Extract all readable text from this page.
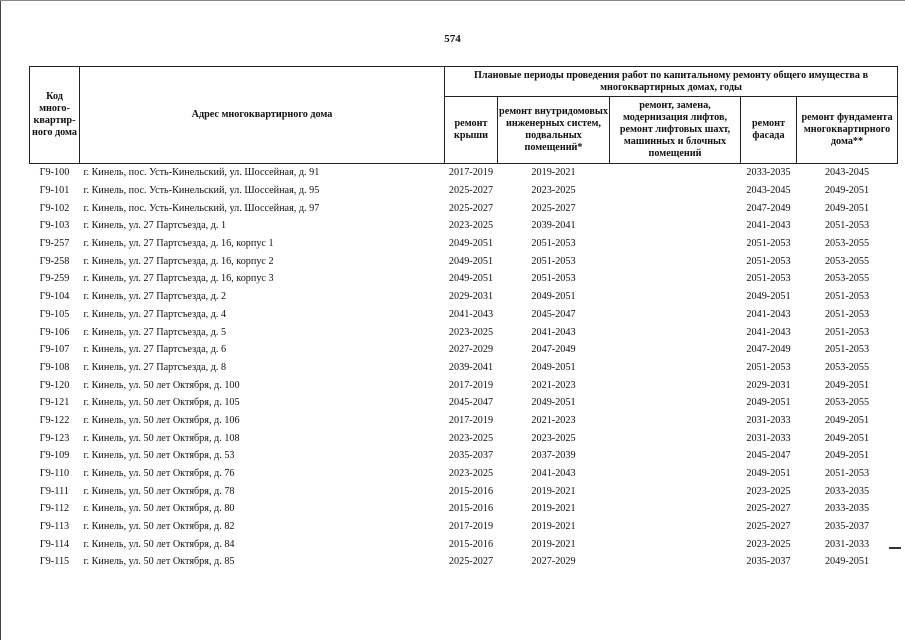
574
Код много-квартир-ного дома	Адрес многоквартирного дома	Плановые периоды проведения работ по капитальному ремонту общего имущества в многоквартирных домах, годы				
		ремонт крыши	ремонт внутридомовых инженерных систем, подвальных помещений*	ремонт, замена, модернизация лифтов, ремонт лифтовых шахт, машинных и блочных помещений	ремонт фасада	ремонт фундамента многоквартирного дома**
Г9-100	г. Кинель, пос. Усть-Кинельский, ул. Шоссейная, д. 91	2017-2019	2019-2021		2033-2035	2043-2045
Г9-101	г. Кинель, пос. Усть-Кинельский, ул. Шоссейная, д. 95	2025-2027	2023-2025		2043-2045	2049-2051
Г9-102	г. Кинель, пос. Усть-Кинельский, ул. Шоссейная, д. 97	2025-2027	2025-2027		2047-2049	2049-2051
Г9-103	г. Кинель, ул. 27 Партсъезда, д. 1	2023-2025	2039-2041		2041-2043	2051-2053
Г9-257	г. Кинель, ул. 27 Партсъезда, д. 16, корпус 1	2049-2051	2051-2053		2051-2053	2053-2055
Г9-258	г. Кинель, ул. 27 Партсъезда, д. 16, корпус 2	2049-2051	2051-2053		2051-2053	2053-2055
Г9-259	г. Кинель, ул. 27 Партсъезда, д. 16, корпус 3	2049-2051	2051-2053		2051-2053	2053-2055
Г9-104	г. Кинель, ул. 27 Партсъезда, д. 2	2029-2031	2049-2051		2049-2051	2051-2053
Г9-105	г. Кинель, ул. 27 Партсъезда, д. 4	2041-2043	2045-2047		2041-2043	2051-2053
Г9-106	г. Кинель, ул. 27 Партсъезда, д. 5	2023-2025	2041-2043		2041-2043	2051-2053
Г9-107	г. Кинель, ул. 27 Партсъезда, д. 6	2027-2029	2047-2049		2047-2049	2051-2053
Г9-108	г. Кинель, ул. 27 Партсъезда, д. 8	2039-2041	2049-2051		2051-2053	2053-2055
Г9-120	г. Кинель, ул. 50 лет Октября, д. 100	2017-2019	2021-2023		2029-2031	2049-2051
Г9-121	г. Кинель, ул. 50 лет Октября, д. 105	2045-2047	2049-2051		2049-2051	2053-2055
Г9-122	г. Кинель, ул. 50 лет Октября, д. 106	2017-2019	2021-2023		2031-2033	2049-2051
Г9-123	г. Кинель, ул. 50 лет Октября, д. 108	2023-2025	2023-2025		2031-2033	2049-2051
Г9-109	г. Кинель, ул. 50 лет Октября, д. 53	2035-2037	2037-2039		2045-2047	2049-2051
Г9-110	г. Кинель, ул. 50 лет Октября, д. 76	2023-2025	2041-2043		2049-2051	2051-2053
Г9-111	г. Кинель, ул. 50 лет Октября, д. 78	2015-2016	2019-2021		2023-2025	2033-2035
Г9-112	г. Кинель, ул. 50 лет Октября, д. 80	2015-2016	2019-2021		2025-2027	2033-2035
Г9-113	г. Кинель, ул. 50 лет Октября, д. 82	2017-2019	2019-2021		2025-2027	2035-2037
Г9-114	г. Кинель, ул. 50 лет Октября, д. 84	2015-2016	2019-2021		2023-2025	2031-2033
Г9-115	г. Кинель, ул. 50 лет Октября, д. 85	2025-2027	2027-2029		2035-2037	2049-2051
